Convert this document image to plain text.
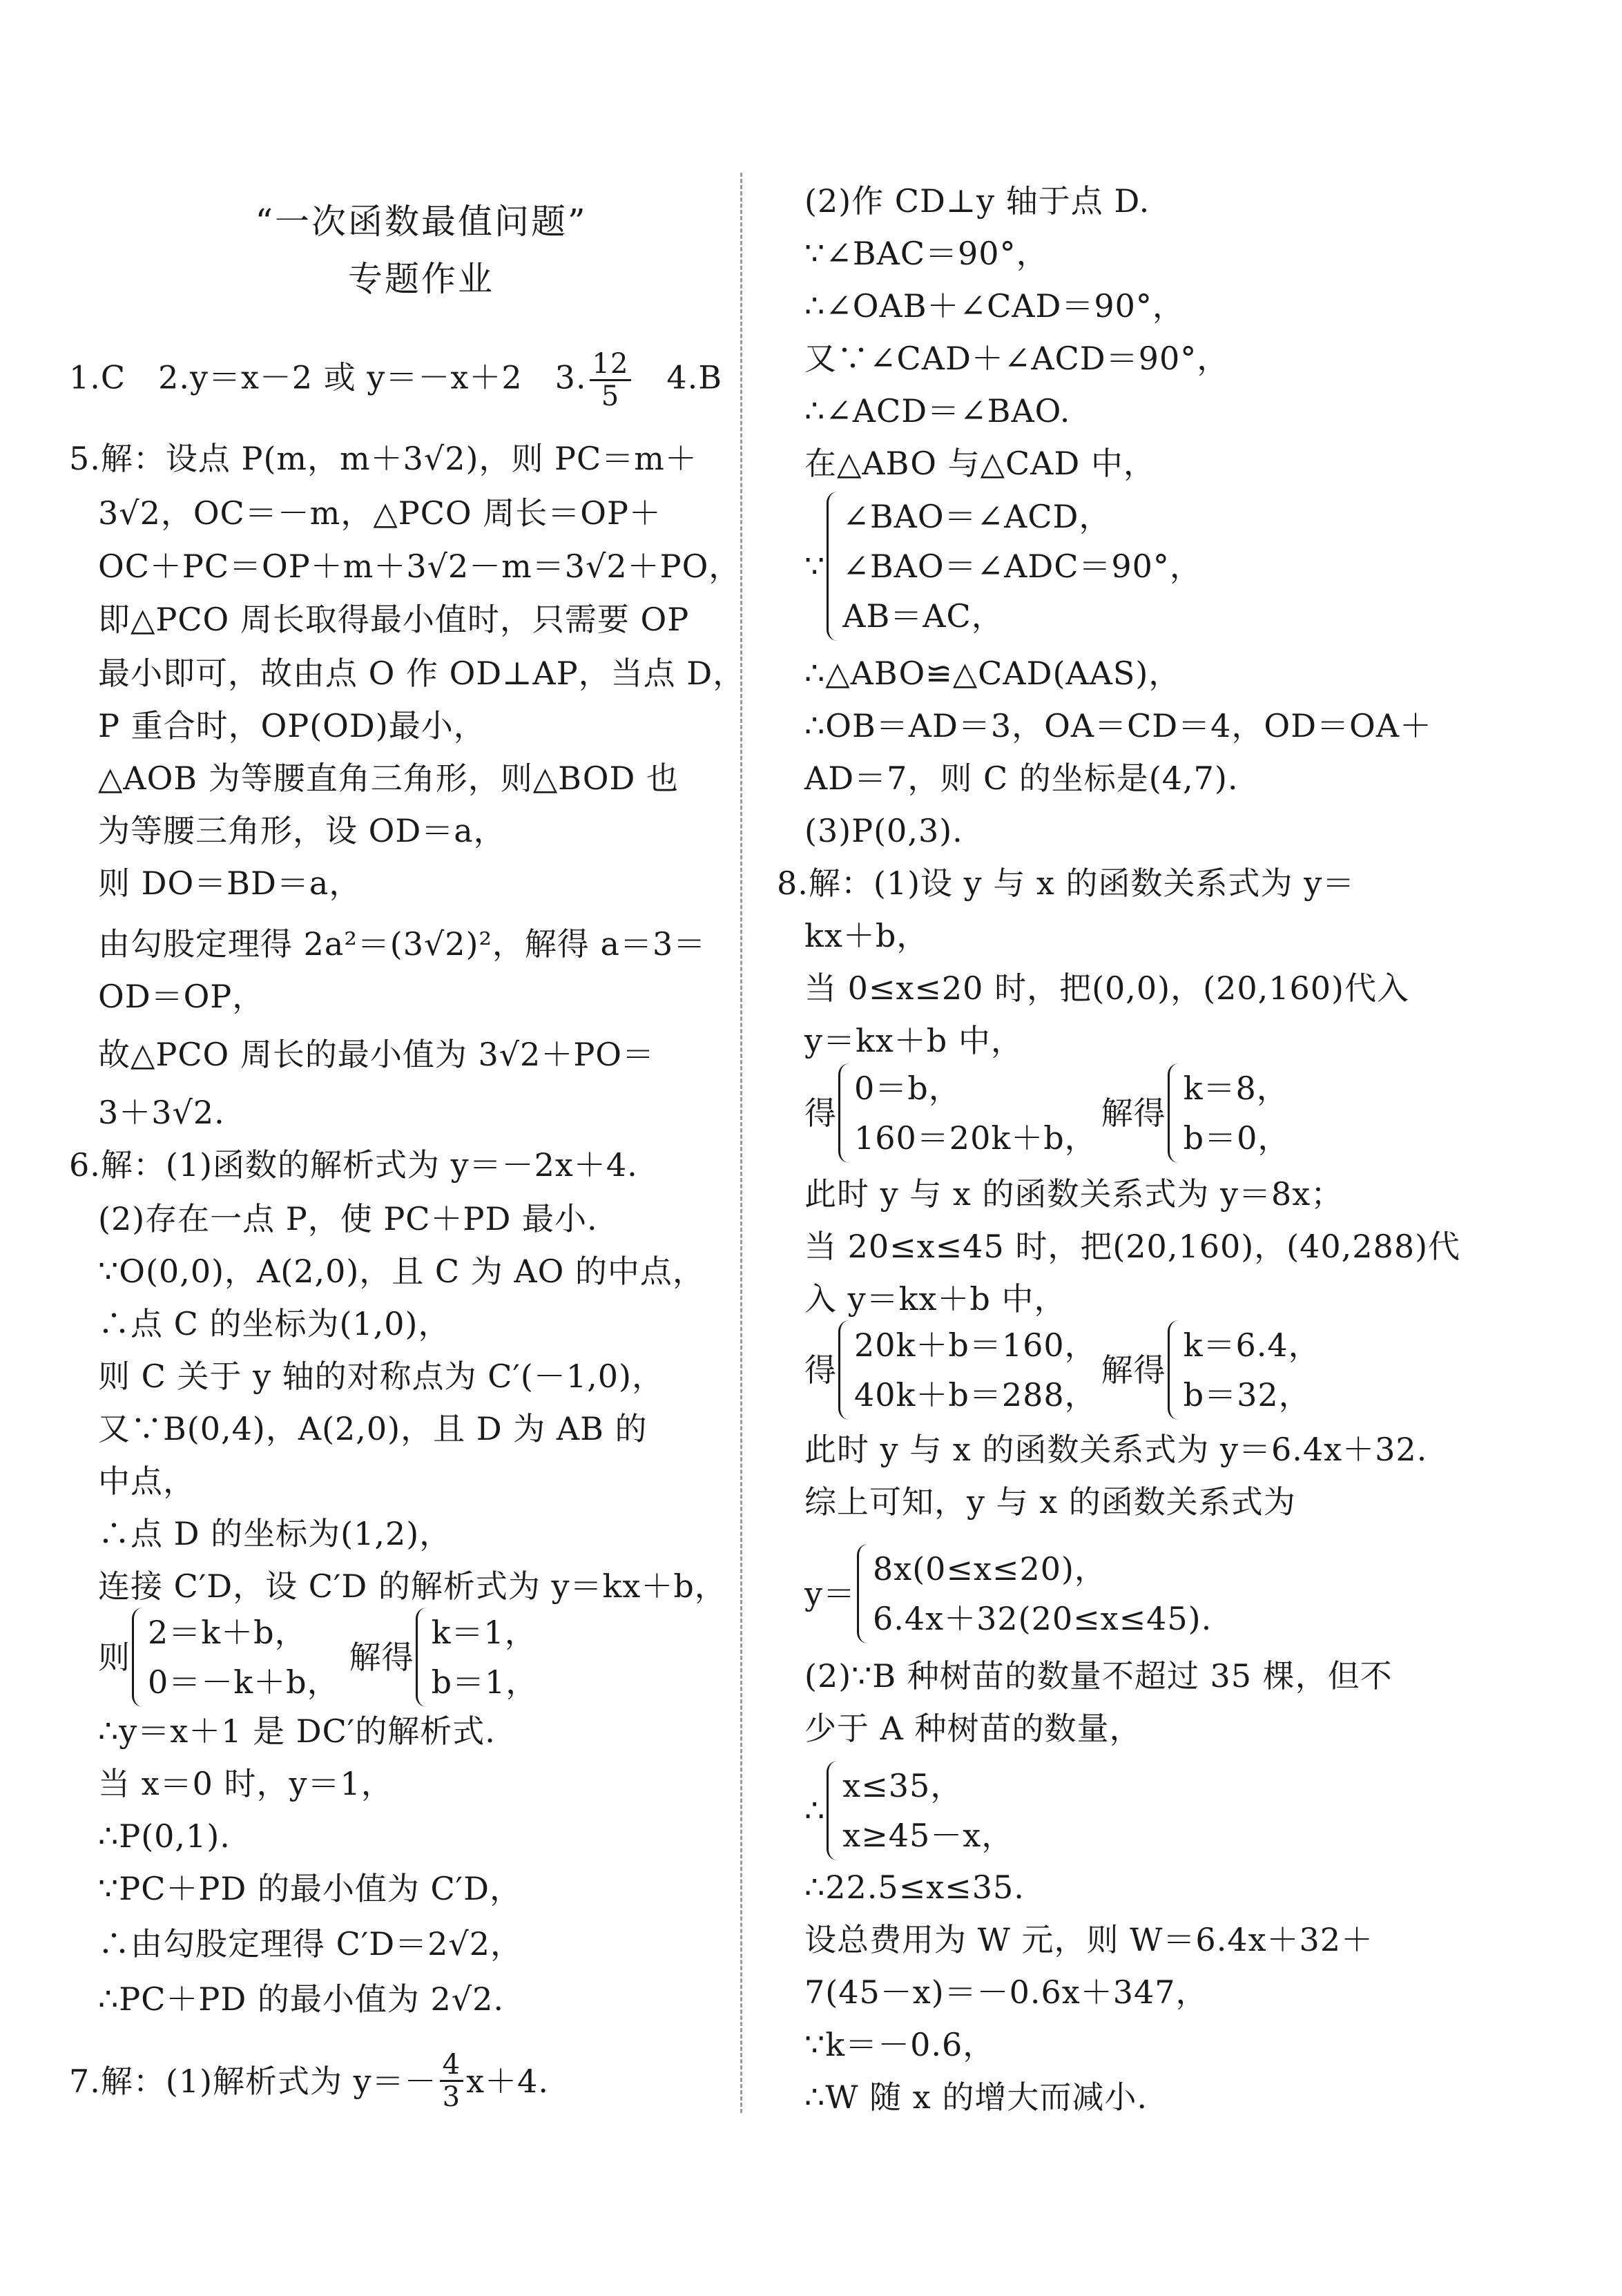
“一次函数最值问题”
专题作业
1.C　2.y＝x－2 或 y＝－x＋2　3. $\frac{12}{5}$ 　4.B
5.解：设点 P(m，m＋3√2)，则 PC＝m＋
3√2，OC＝－m，△PCO 周长＝OP＋
OC＋PC＝OP＋m＋3√2－m＝3√2＋PO，
即△PCO 周长取得最小值时，只需要 OP
最小即可，故由点 O 作 OD⊥AP，当点 D，
P 重合时，OP(OD)最小，
△AOB 为等腰直角三角形，则△BOD 也
为等腰三角形，设 OD＝a，
则 DO＝BD＝a，
由勾股定理得 2a²＝(3√2)²，解得 a＝3＝
OD＝OP，
故△PCO 周长的最小值为 3√2＋PO＝
3＋3√2.
6.解：(1)函数的解析式为 y＝－2x＋4.
(2)存在一点 P，使 PC＋PD 最小.
∵O(0,0)，A(2,0)，且 C 为 AO 的中点，
∴点 C 的坐标为(1,0)，
则 C 关于 y 轴的对称点为 C′(－1,0)，
又∵B(0,4)，A(2,0)，且 D 为 AB 的
中点，
∴点 D 的坐标为(1,2)，
连接 C′D，设 C′D 的解析式为 y＝kx＋b，
则
2＝k＋b，
0＝－k＋b，
解得
k＝1，
b＝1，
∴y＝x＋1 是 DC′的解析式.
当 x＝0 时，y＝1，
∴P(0,1).
∵PC＋PD 的最小值为 C′D，
∴由勾股定理得 C′D＝2√2，
∴PC＋PD 的最小值为 2√2.
7.解：(1)解析式为 $y=- \frac{4}{3} x+4$.
(2)作 CD⊥y 轴于点 D.
∵∠BAC＝90°，
∴∠OAB＋∠CAD＝90°，
又∵∠CAD＋∠ACD＝90°，
∴∠ACD＝∠BAO.
在△ABO 与△CAD 中，
∵
∠BAO＝∠ACD，
∠BAO＝∠ADC＝90°，
AB＝AC，
∴△ABO≌△CAD(AAS)，
∴OB＝AD＝3，OA＝CD＝4，OD＝OA＋
AD＝7，则 C 的坐标是(4,7).
(3)P(0,3).
8.解：(1)设 y 与 x 的函数关系式为 y＝
kx＋b，
当 0≤x≤20 时，把(0,0)，(20,160)代入
y＝kx＋b 中，
得
0＝b，
160＝20k＋b，
解得
k＝8，
b＝0，
此时 y 与 x 的函数关系式为 y＝8x；
当 20≤x≤45 时，把(20,160)，(40,288)代
入 y＝kx＋b 中，
得
20k＋b＝160，
40k＋b＝288，
解得
k＝6.4，
b＝32，
此时 y 与 x 的函数关系式为 y＝6.4x＋32.
综上可知，y 与 x 的函数关系式为
y＝
8x(0≤x≤20)，
6.4x＋32(20≤x≤45).
(2)∵B 种树苗的数量不超过 35 棵，但不
少于 A 种树苗的数量，
∴
x≤35，
x≥45－x，
∴22.5≤x≤35.
设总费用为 W 元，则 W＝6.4x＋32＋
7(45－x)＝－0.6x＋347，
∵k＝－0.6，
∴W 随 x 的增大而减小.
